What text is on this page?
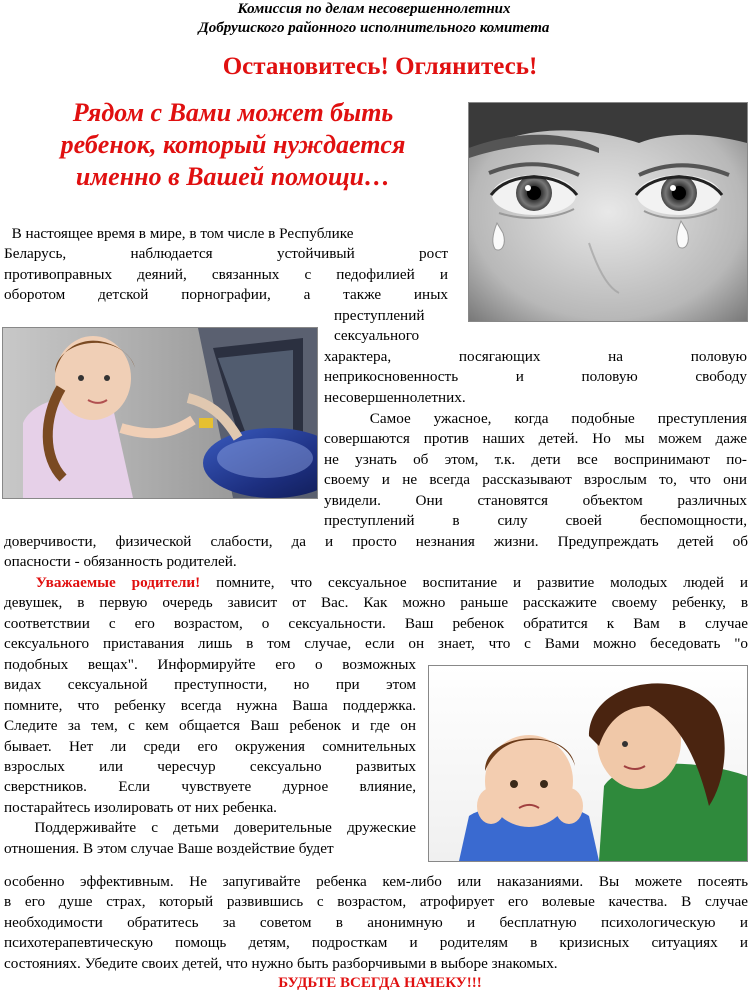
Комиссия по делам несовершеннолетних
Добрушского районного исполнительного комитета
Остановитесь! Оглянитесь!
Рядом с Вами может быть
ребенок, который нуждается
именно в Вашей помощи…
В настоящее время в мире, в том числе в Республике
Беларусь, наблюдается устойчивый рост
противоправных деяний, связанных с педофилией и
оборотом детской порнографии, а также иных
преступлений
сексуального
характера, посягающих на половую
неприкосновенность и половую свободу
несовершеннолетних.
Самое ужасное, когда подобные преступления
совершаются против наших детей. Но мы можем даже
не узнать об этом, т.к. дети все воспринимают по-
своему и не всегда рассказывают взрослым то, что они
увидели. Они становятся объектом различных
преступлений в силу своей беспомощности,
доверчивости, физической слабости, да и просто незнания жизни. Предупреждать детей об
опасности - обязанность родителей.
Уважаемые родители! помните, что сексуальное воспитание и развитие молодых людей и
девушек, в первую очередь зависит от Вас. Как можно раньше расскажите своему ребенку, в
соответствии с его возрастом, о сексуальности. Ваш ребенок обратится к Вам в случае
сексуального приставания лишь в том случае, если он знает, что с Вами можно беседовать "о
подобных вещах". Информируйте его о возможных
видах сексуальной преступности, но при этом
помните, что ребенку всегда нужна Ваша поддержка.
Следите за тем, с кем общается Ваш ребенок и где он
бывает. Нет ли среди его окружения сомнительных
взрослых или чересчур сексуально развитых
сверстников. Если чувствуете дурное влияние,
постарайтесь изолировать от них ребенка.
Поддерживайте с детьми доверительные дружеские
отношения. В этом случае Ваше воздействие будет
особенно эффективным. Не запугивайте ребенка кем-либо или наказаниями. Вы можете посеять
в его душе страх, который развившись с возрастом, атрофирует его волевые качества. В случае
необходимости обратитесь за советом в анонимную и бесплатную психологическую и
психотерапевтическую помощь детям, подросткам и родителям в кризисных ситуациях и
состояниях. Убедите своих детей, что нужно быть разборчивыми в выборе знакомых.
БУДЬТЕ ВСЕГДА НАЧЕКУ!!!
